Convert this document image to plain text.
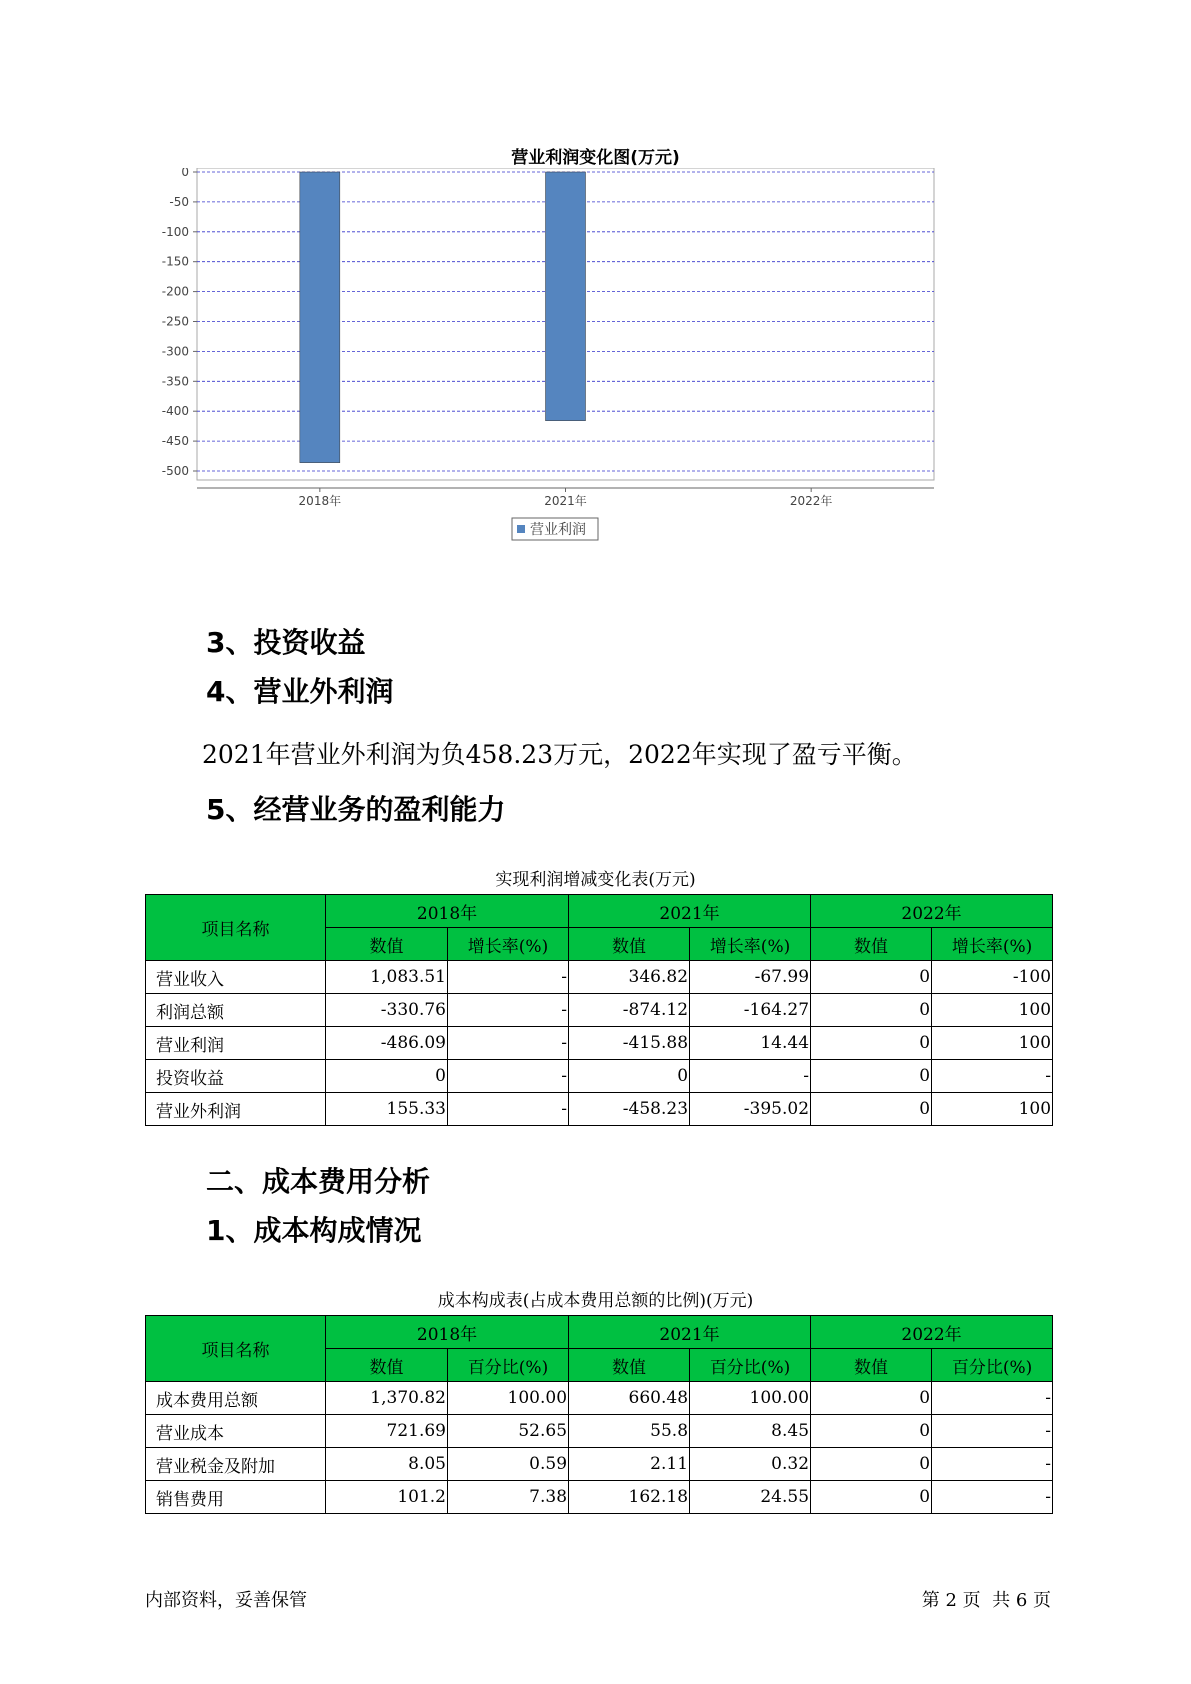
营业利润变化图(万元)
0
-50
-100
-150
-200
-250
-300
-350
-400
-450
-500
2018年	2021年	2022年
营业利润
3、投资收益
4、营业外利润
2021年营业外利润为负458.23万元，2022年实现了盈亏平衡。
5、经营业务的盈利能力
实现利润增减变化表(万元)
项目名称	2018年		2021年		2022年	
	数值	增长率(%)	数值	增长率(%)	数值	增长率(%)
营业收入	1,083.51	-	346.82	-67.99	0	-100
利润总额	-330.76	-	-874.12	-164.27	0	100
营业利润	-486.09	-	-415.88	14.44	0	100
投资收益	0	-	0	-	0	-
营业外利润	155.33	-	-458.23	-395.02	0	100
二、成本费用分析
1、成本构成情况
成本构成表(占成本费用总额的比例)(万元)
项目名称	2018年		2021年		2022年	
	数值	百分比(%)	数值	百分比(%)	数值	百分比(%)
成本费用总额	1,370.82	100.00	660.48	100.00	0	-
营业成本	721.69	52.65	55.8	8.45	0	-
营业税金及附加	8.05	0.59	2.11	0.32	0	-
销售费用	101.2	7.38	162.18	24.55	0	-
内部资料，妥善保管	第 2 页  共 6 页
